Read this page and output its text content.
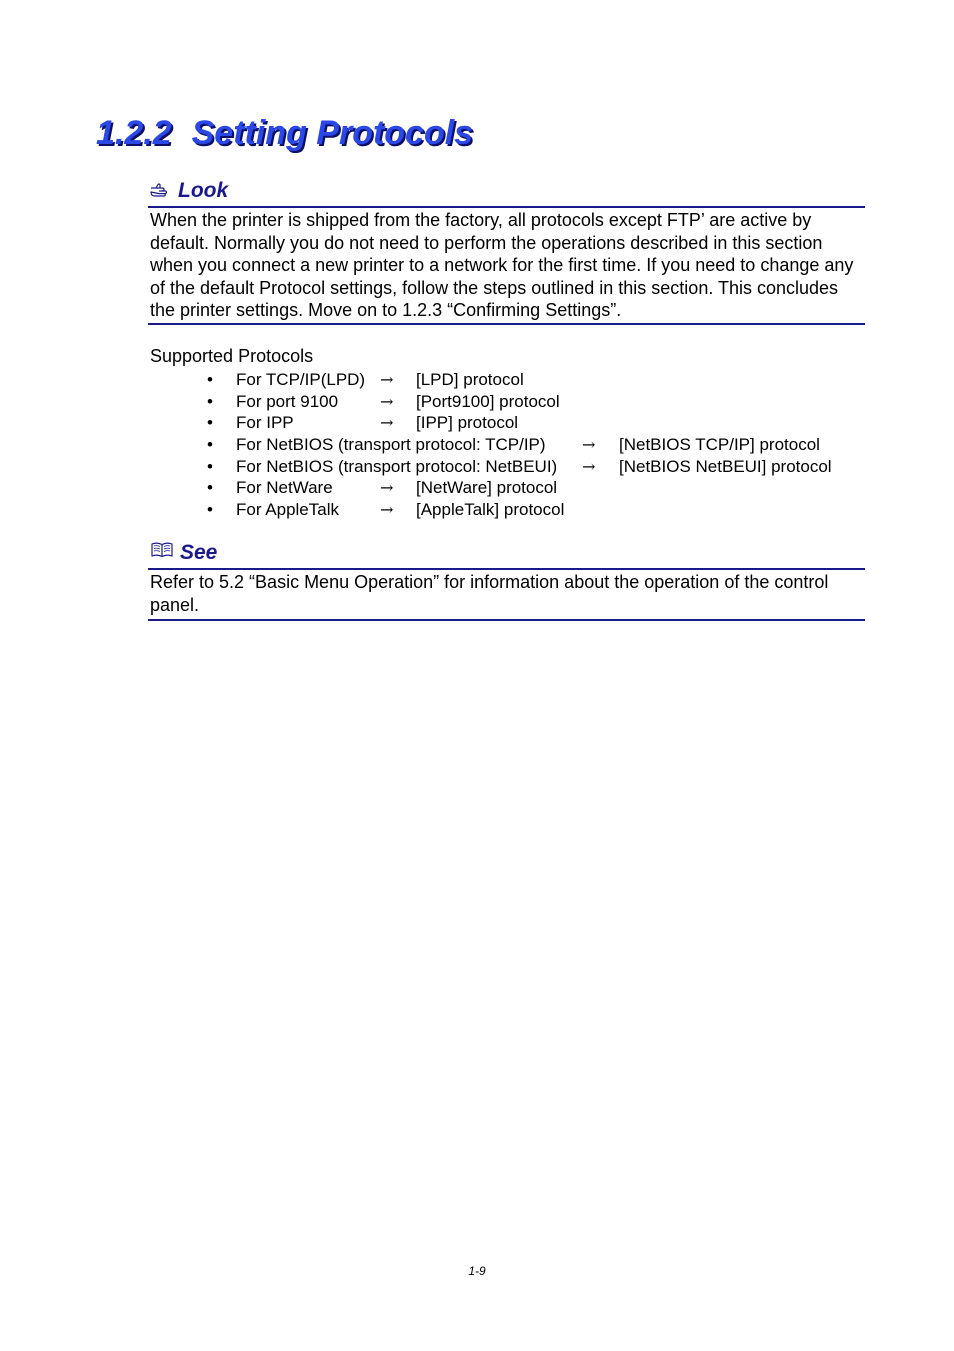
1.2.2 Setting Protocols
Look

When the printer is shipped from the factory, all protocols except FTP’ are active by default. Normally you do not need to perform the operations described in this section when you connect a new printer to a network for the first time. If you need to change any of the default Protocol settings, follow the steps outlined in this section. This concludes the printer settings. Move on to 1.2.3 “Confirming Settings”.

Supported Protocols
• For TCP/IP(LPD) → [LPD] protocol
• For port 9100	→ [Port9100] protocol
• For IPP	→ [IPP] protocol
• For NetBIOS (transport protocol: TCP/IP) → [NetBIOS TCP/IP] protocol
• For NetBIOS (transport protocol: NetBEUI) → [NetBIOS NetBEUI] protocol
• For NetWare	→ [NetWare] protocol
• For AppleTalk	→ [AppleTalk] protocol
See

Refer to 5.2 “Basic Menu Operation” for information about the operation of the control panel.

1-9
